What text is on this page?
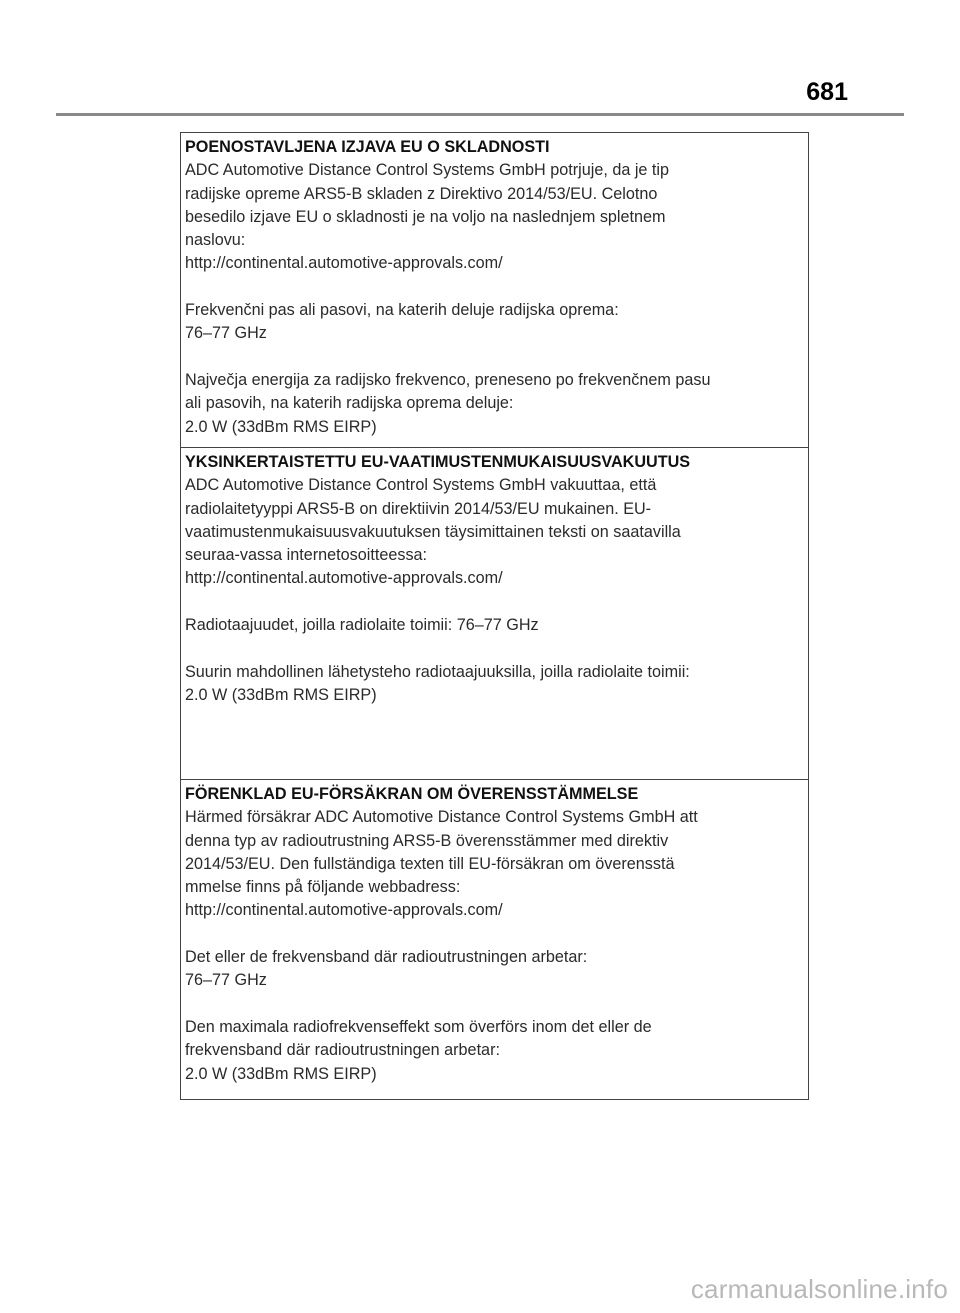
681
POENOSTAVLJENA IZJAVA EU O SKLADNOSTI

ADC Automotive Distance Control Systems GmbH potrjuje, da je tip

radijske opreme ARS5-B skladen z Direktivo 2014/53/EU. Celotno

besedilo izjave EU o skladnosti je na voljo na naslednjem spletnem

naslovu:

http://continental.automotive-approvals.com/

Frekvenčni pas ali pasovi, na katerih deluje radijska oprema:

76–77 GHz

Največja energija za radijsko frekvenco, preneseno po frekvenčnem pasu

ali pasovih, na katerih radijska oprema deluje:

2.0 W (33dBm RMS EIRP)

YKSINKERTAISTETTU EU-VAATIMUSTENMUKAISUUSVAKUUTUS

ADC Automotive Distance Control Systems GmbH vakuuttaa, että

radiolaitetyyppi ARS5-B on direktiivin 2014/53/EU mukainen. EU-

vaatimustenmukaisuusvakuutuksen täysimittainen teksti on saatavilla

seuraa-vassa internetosoitteessa:

http://continental.automotive-approvals.com/

Radiotaajuudet, joilla radiolaite toimii: 76–77 GHz

Suurin mahdollinen lähetysteho radiotaajuuksilla, joilla radiolaite toimii:

2.0 W (33dBm RMS EIRP)

FÖRENKLAD EU-FÖRSÄKRAN OM ÖVERENSSTÄMMELSE

Härmed försäkrar ADC Automotive Distance Control Systems GmbH att

denna typ av radioutrustning ARS5-B överensstämmer med direktiv

2014/53/EU. Den fullständiga texten till EU-försäkran om överensstä

mmelse finns på följande webbadress:

http://continental.automotive-approvals.com/

Det eller de frekvensband där radioutrustningen arbetar:

76–77 GHz

Den maximala radiofrekvenseffekt som överförs inom det eller de

frekvensband där radioutrustningen arbetar:

2.0 W (33dBm RMS EIRP)

carmanualsonline.info
